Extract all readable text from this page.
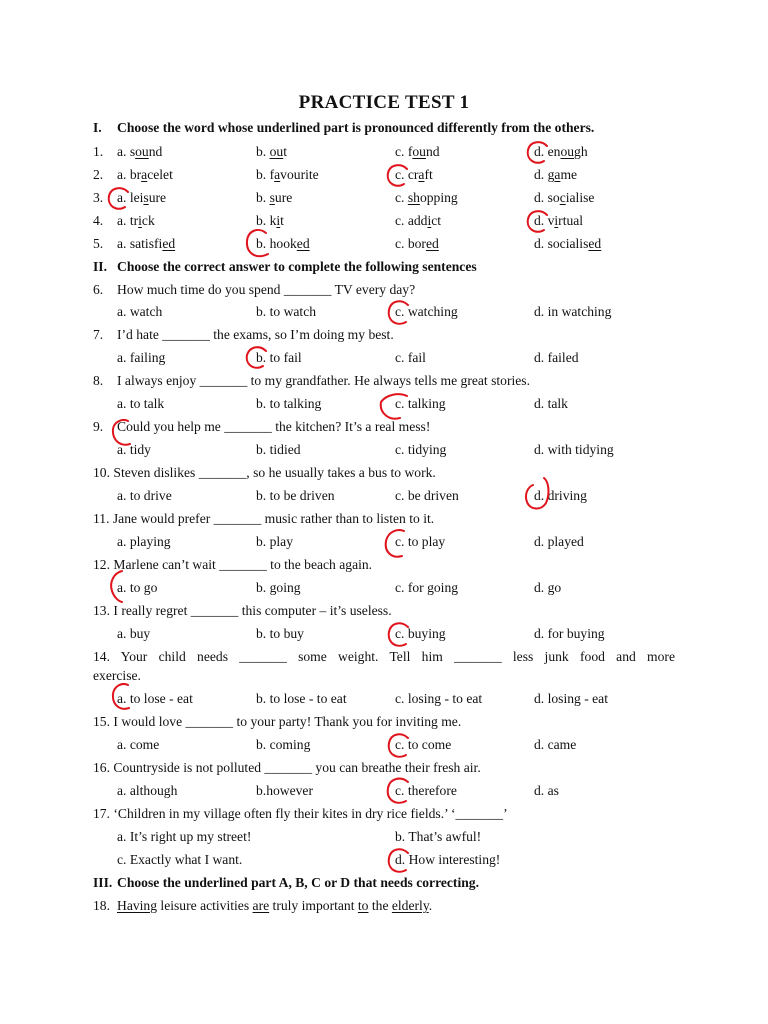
PRACTICE TEST 1
I. Choose the word whose underlined part is pronounced differently from the others.
1. a. sound	b. out	c. found	d. enough
2. a. bracelet	b. favourite	c. craft	d. game
3. a. leisure	b. sure	c. shopping	d. socialise
4. a. trick	b. kit	c. addict	d. virtual
5. a. satisfied	b. hooked	c. bored	d. socialised
II. Choose the correct answer to complete the following sentences
6. How much time do you spend _______ TV every day?
a. watch	b. to watch	c. watching	d. in watching
7. I’d hate _______ the exams, so I’m doing my best.
a. failing	b. to fail	c. fail	d. failed
8. I always enjoy _______ to my grandfather. He always tells me great stories.
a. to talk	b. to talking	c. talking	d. talk
9. Could you help me _______ the kitchen? It’s a real mess!
a. tidy	b. tidied	c. tidying	d. with tidying
10. Steven dislikes _______, so he usually takes a bus to work.
a. to drive	b. to be driven	c. be driven	d. driving
11. Jane would prefer _______ music rather than to listen to it.
a. playing	b. play	c. to play	d. played
12. Marlene can’t wait _______ to the beach again.
a. to go	b. going	c. for going	d. go
13. I really regret _______ this computer – it’s useless.
a. buy	b. to buy	c. buying	d. for buying
14. Your child needs _______ some weight. Tell him _______ less junk food and more
exercise.
a. to lose - eat	b. to lose - to eat	c. losing - to eat	d. losing - eat
15. I would love _______ to your party! Thank you for inviting me.
a. come	b. coming	c. to come	d. came
16. Countryside is not polluted _______ you can breathe their fresh air.
a. although	b.however	c. therefore	d. as
17. ‘Children in my village often fly their kites in dry rice fields.’ ‘_______’
a. It’s right up my street!	b. That’s awful!
c. Exactly what I want.	d. How interesting!
III. Choose the underlined part A, B, C or D that needs correcting.
18. Having leisure activities are truly important to the elderly.
